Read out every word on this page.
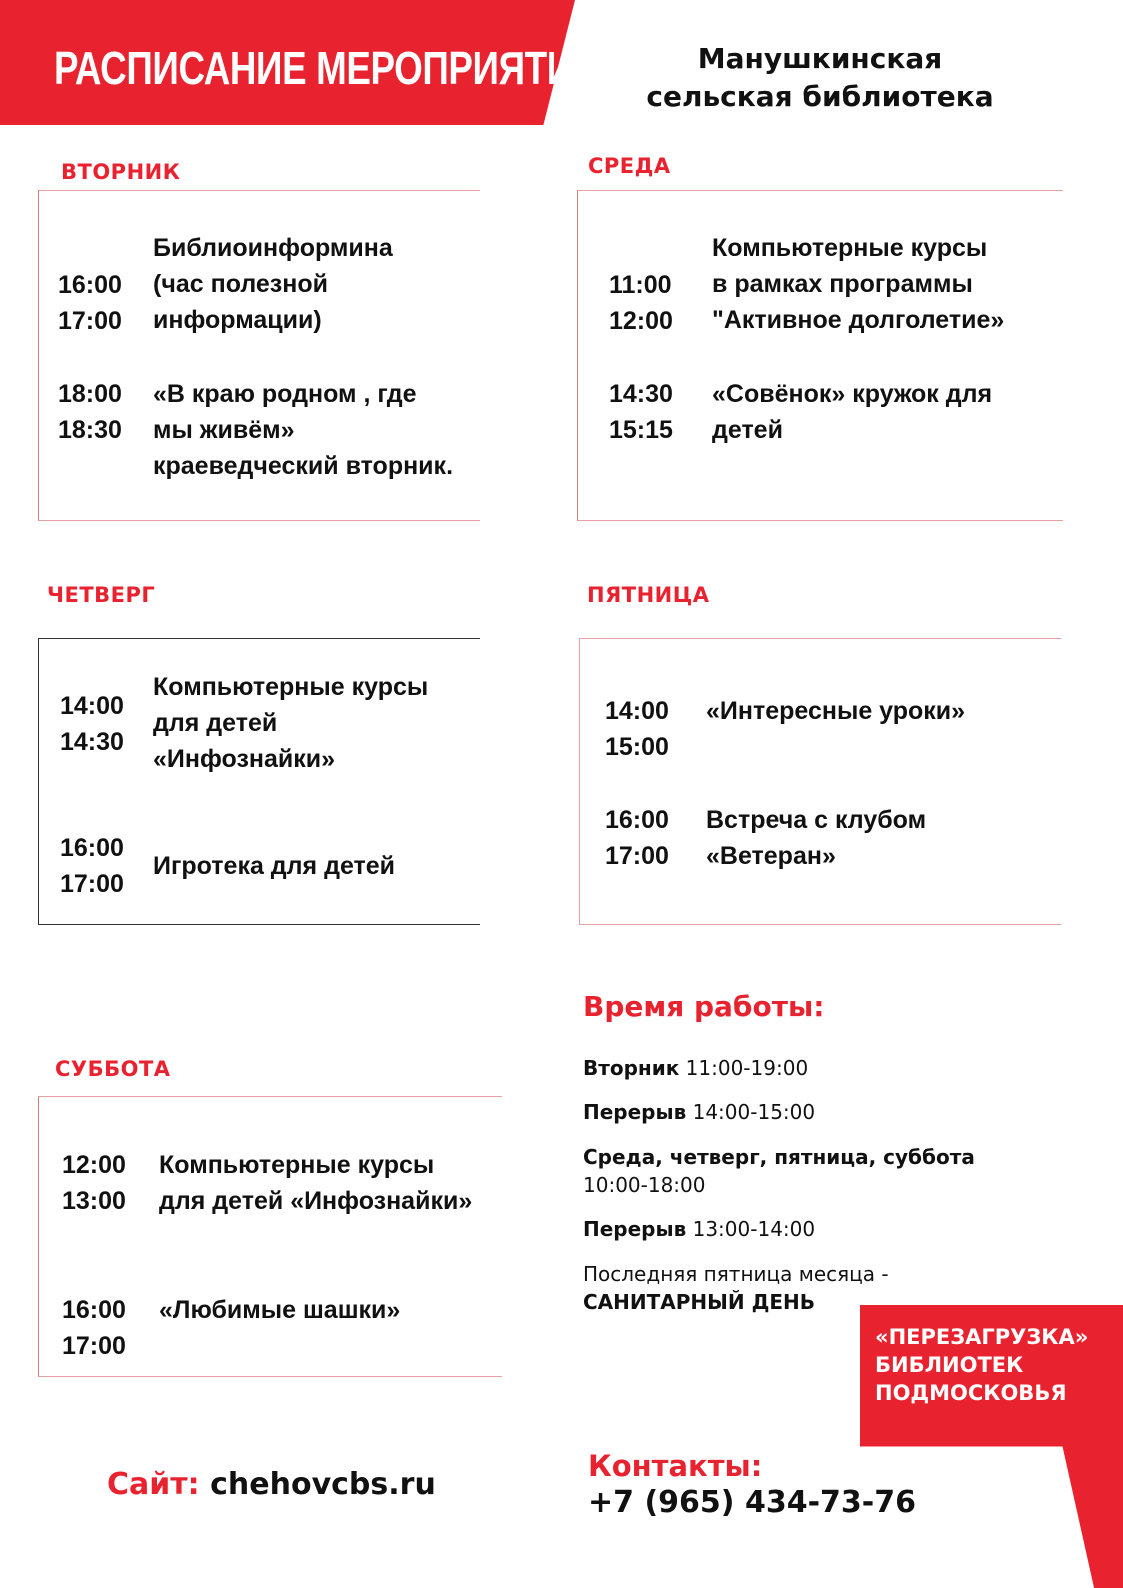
РАСПИСАНИЕ МЕРОПРИЯТИЙ	Манушкинская
сельская библиотека
ВТОРНИК
16:00
17:00
Библиоинформина
(час полезной
информации)
18:00
18:30
«В краю родном , где
мы живём»
краеведческий вторник.
СРЕДА
11:00
12:00
Компьютерные курсы
в рамках программы
"Активное долголетие»
14:30
15:15
«Совёнок» кружок для
детей
ЧЕТВЕРГ
14:00
14:30
Компьютерные курсы
для детей
«Инфознайки»
16:00
17:00
Игротека для детей
ПЯТНИЦА
14:00
15:00
«Интересные уроки»
16:00
17:00
Встреча с клубом
«Ветеран»
СУББОТА
12:00
13:00
Компьютерные курсы
для детей «Инфознайки»
16:00
17:00
«Любимые шашки»
Время работы:
Вторник 11:00-19:00
Перерыв 14:00-15:00
Среда, четверг, пятница, суббота
10:00-18:00
Перерыв 13:00-14:00
Последняя пятница месяца -
САНИТАРНЫЙ ДЕНЬ
«ПЕРЕЗАГРУЗКА»
БИБЛИОТЕК
ПОДМОСКОВЬЯ
Сайт: chehovcbs.ru
Контакты:
+7 (965) 434-73-76
